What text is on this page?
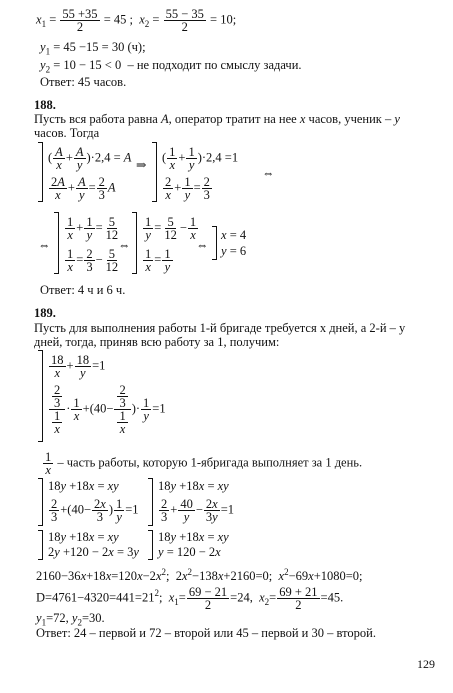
$x_1 = \frac{55 +35}{2} = 45$ ;  $x_2 = \frac{55 - 35}{2} = 10$;
$y_1 = 45 -15 = 30$ (ч);
$y_2 = 10 - 15 < 0$  – не подходит по смыслу задачи.
Ответ: 45 часов.
188.
Пусть вся работа равна A, оператор тратит на нее x часов, ученик – y
часов. Тогда
( $\frac{A}{x} + \frac{A}{y} )\cdot 2,4 = A$
$\frac{2A}{x} + \frac{A}{y} = \frac{2}{3}$ A
⇒
( $\frac{1}{x} + \frac{1}{y} )\cdot 2,4 =1$
$\frac{2}{x} + \frac{1}{y} = \frac{2}{3}$
⇔
⇔
$\frac{1}{x} + \frac{1}{y} = \frac{5}{12}$
$\frac{1}{x} = \frac{2}{3} - \frac{5}{12}$
⇔
$\frac{1}{y} = \frac{5}{12} - \frac{1}{x}$
$\frac{1}{x} = \frac{1}{y}$
⇔
x = 4
y = 6
Ответ: 4 ч и 6 ч.
189.
Пусть для выполнения работы 1-й бригаде требуется x дней, а 2-й – y
дней, тогда, приняв всю работу за 1, получим:
$\frac{18}{x} + \frac{18}{y} =1$
$\frac{\frac{2}{3}}{\frac{1}{x}} \cdot \frac{1}{x} +(40- \frac{\frac{2}{3}}{\frac{1}{x}}$ )· $\frac{1}{y} =1$
$\frac{1}{x}$ – часть работы, которую 1-ябригада выполняет за 1 день.
18y +18x = xy
$\frac{2}{3} +(40- \frac{2x}{3}$ ) $\frac{1}{y} =1$
18y +18x = xy
$\frac{2}{3} + \frac{40}{y} - \frac{2x}{3y} =1$
18y +18x = xy
2y +120 − 2x = 3y
18y +18x = xy
y = 120 − 2x
$2160-36x+18x=120x-2x^2$;  $2x^2-138x+2160=0$;  $x^2-69x+1080=0$;
$D=4761-4320=441=21^2$;  $x_1= \frac{69 - 21}{2} =24$,  $x_2= \frac{69 + 21}{2} =45$.
$y_1=72$, $y_2=30$.
Ответ: 24 – первой и 72 – второй или 45 – первой и 30 – второй.
129
